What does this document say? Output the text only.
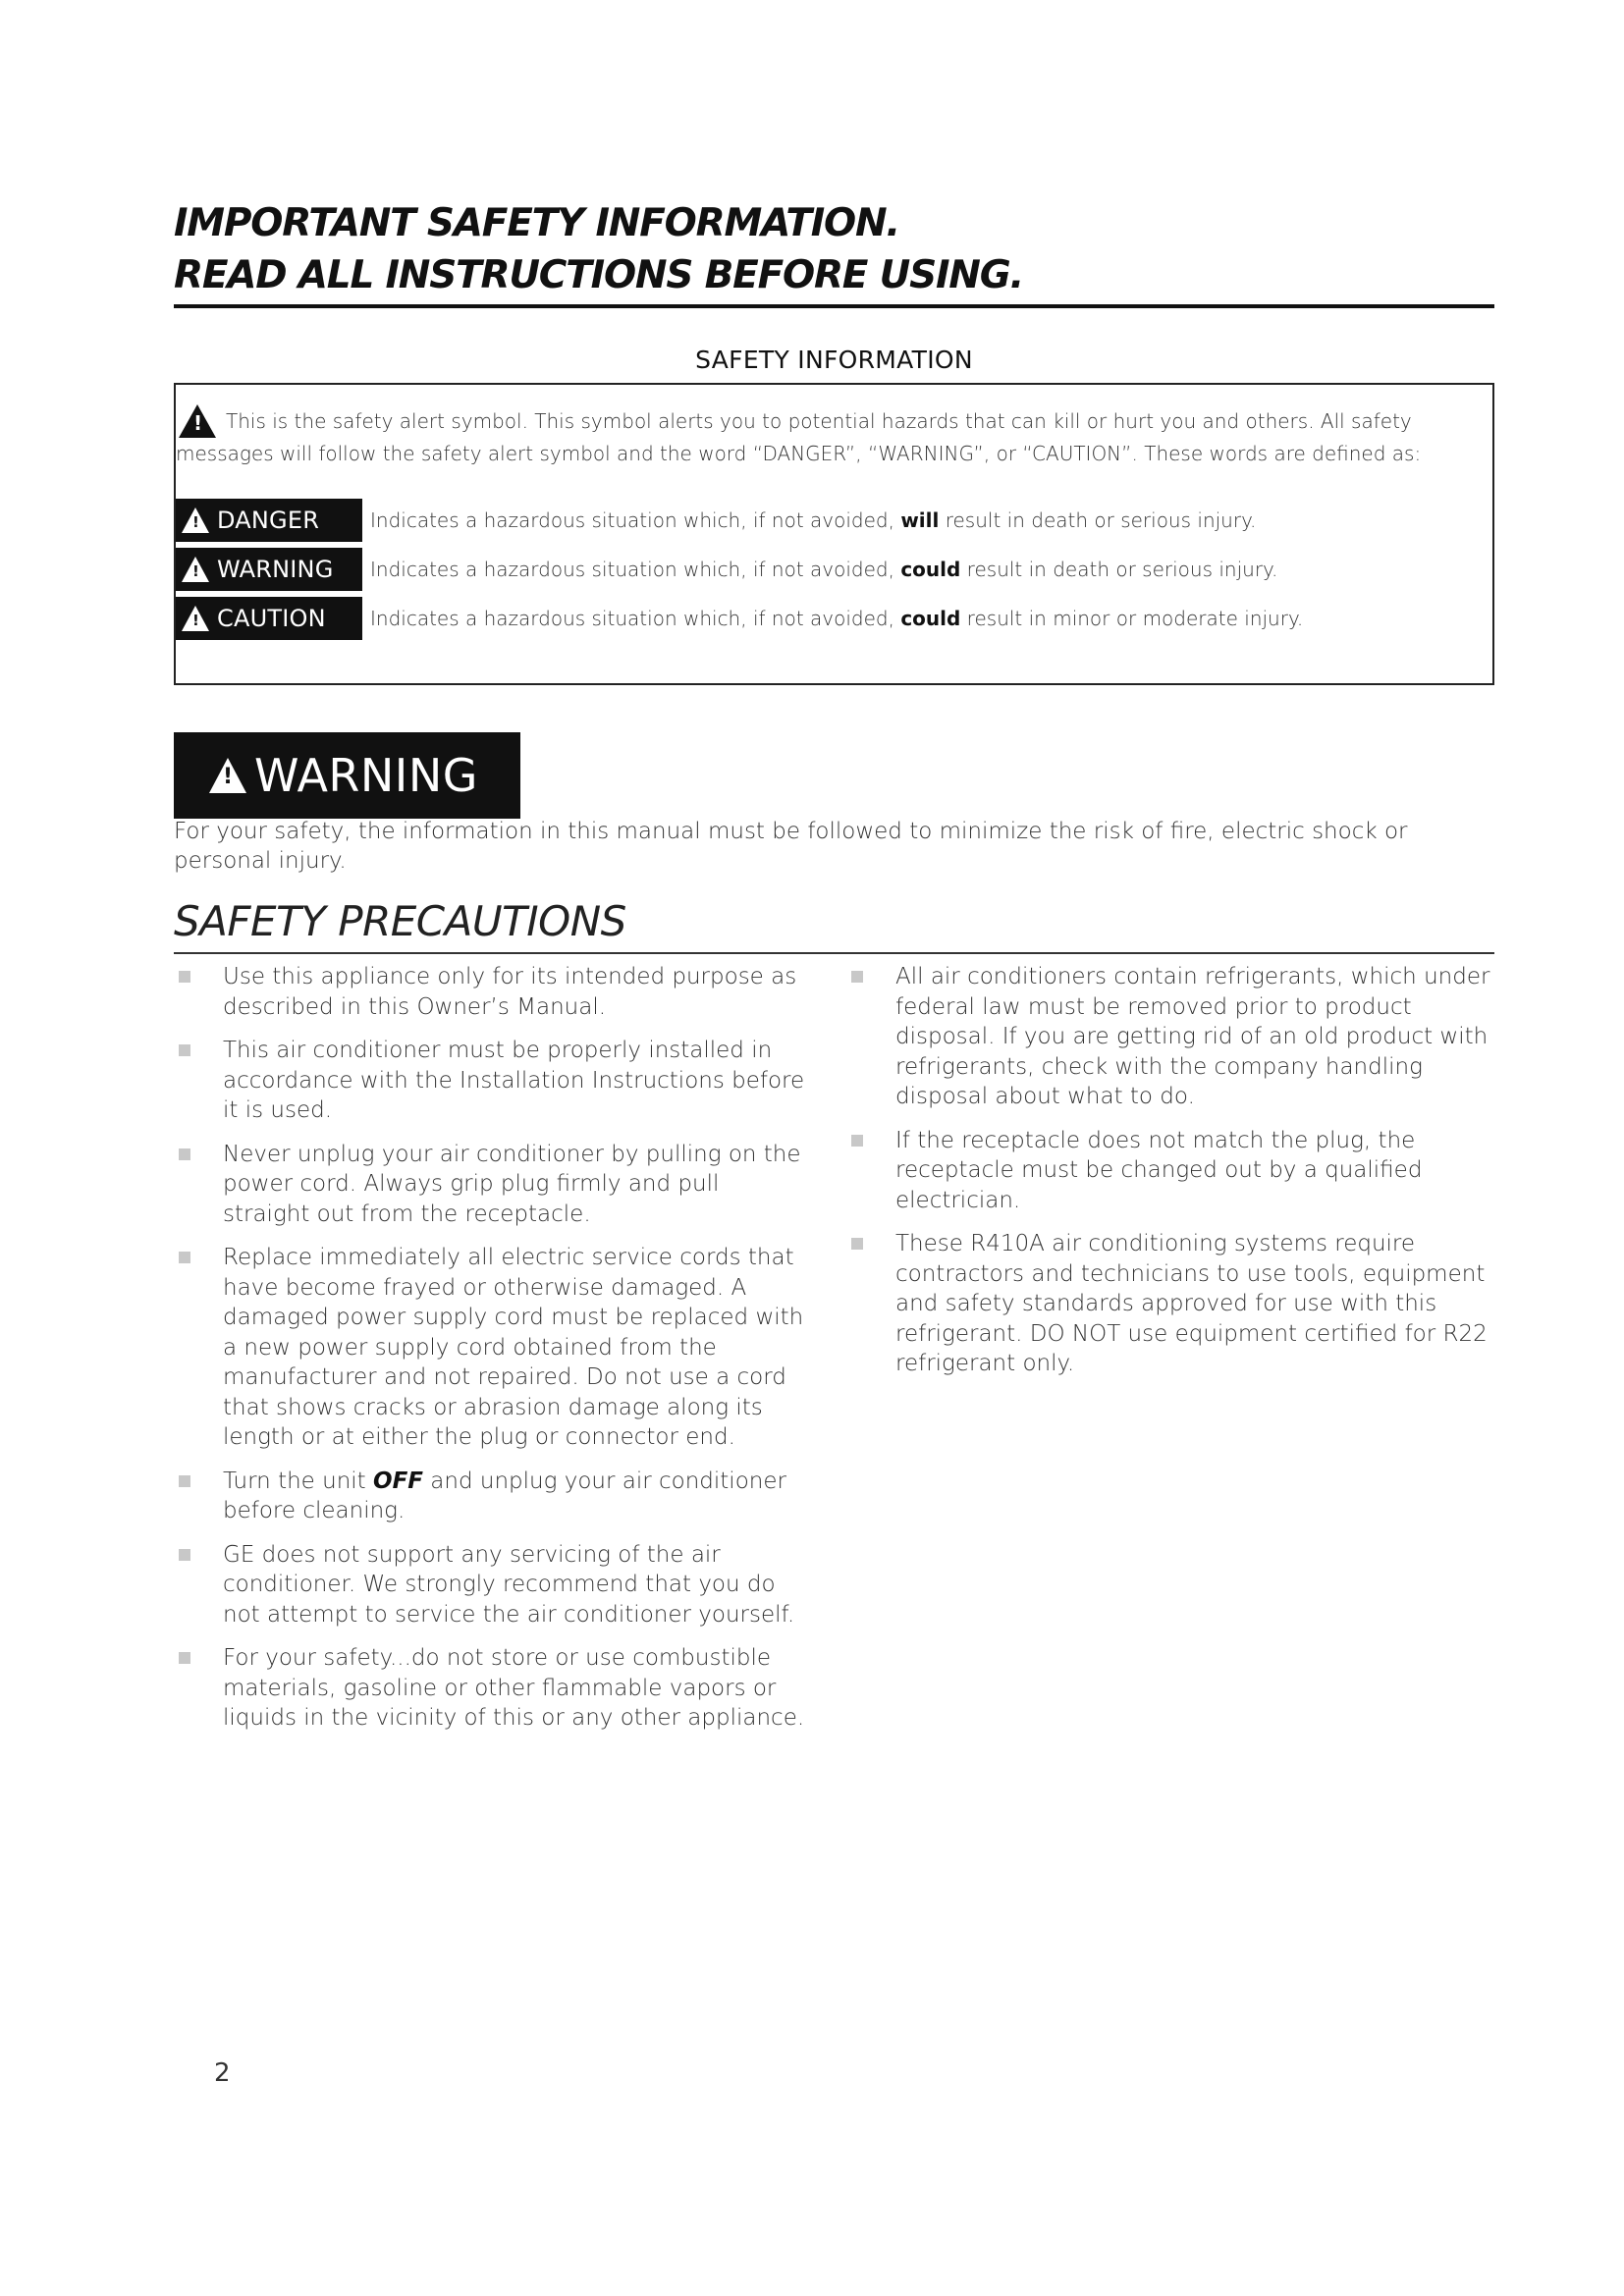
IMPORTANT SAFETY INFORMATION.
READ ALL INSTRUCTIONS BEFORE USING.
SAFETY INFORMATION
!
This is the safety alert symbol. This symbol alerts you to potential hazards that can kill or hurt you and others. All safety
messages will follow the safety alert symbol and the word “DANGER”, “WARNING”, or “CAUTION”. These words are defined as:
!
DANGER	Indicates a hazardous situation which, if not avoided, will result in death or serious injury.
!
WARNING Indicates a hazardous situation which, if not avoided, could result in death or serious injury.
!
CAUTION Indicates a hazardous situation which, if not avoided, could result in minor or moderate injury.
!
WARNING
For your safety, the information in this manual must be followed to minimize the risk of fire, electric shock or personal injury.
SAFETY PRECAUTIONS
Use this appliance only for its intended purpose as described in this Owner’s Manual.
This air conditioner must be properly installed in accordance with the Installation Instructions before it is used.
Never unplug your air conditioner by pulling on the power cord. Always grip plug firmly and pull straight out from the receptacle.
Replace immediately all electric service cords that have become frayed or otherwise damaged. A damaged power supply cord must be replaced with a new power supply cord obtained from the manufacturer and not repaired. Do not use a cord that shows cracks or abrasion damage along its length or at either the plug or connector end.
Turn the unit OFF and unplug your air conditioner before cleaning.
GE does not support any servicing of the air conditioner. We strongly recommend that you do not attempt to service the air conditioner yourself.
For your safety...do not store or use combustible materials, gasoline or other flammable vapors or liquids in the vicinity of this or any other appliance.
All air conditioners contain refrigerants, which under federal law must be removed prior to product disposal. If you are getting rid of an old product with refrigerants, check with the company handling disposal about what to do.
If the receptacle does not match the plug, the receptacle must be changed out by a qualified electrician.
These R410A air conditioning systems require contractors and technicians to use tools, equipment and safety standards approved for use with this refrigerant. DO NOT use equipment certified for R22 refrigerant only.
2
